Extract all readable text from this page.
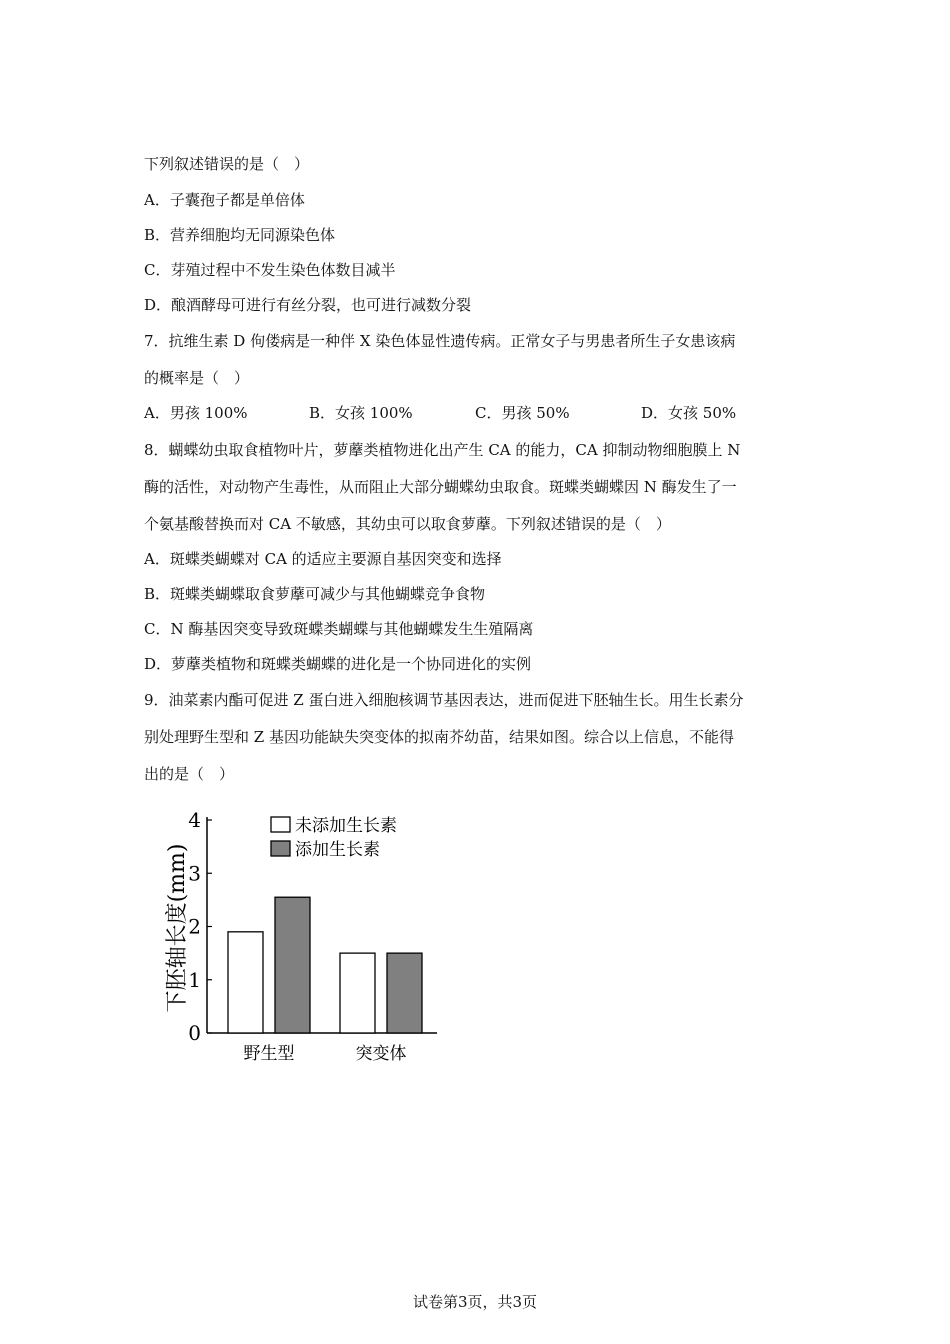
下列叙述错误的是（　）
A．子囊孢子都是单倍体
B．营养细胞均无同源染色体
C．芽殖过程中不发生染色体数目减半
D．酿酒酵母可进行有丝分裂，也可进行减数分裂
7．抗维生素 D 佝偻病是一种伴 X 染色体显性遗传病。正常女子与男患者所生子女患该病
的概率是（　）
A．男孩 100%	B．女孩 100%	C．男孩 50%	D．女孩 50%
8．蝴蝶幼虫取食植物叶片，萝藦类植物进化出产生 CA 的能力，CA 抑制动物细胞膜上 N
酶的活性，对动物产生毒性，从而阻止大部分蝴蝶幼虫取食。斑蝶类蝴蝶因 N 酶发生了一
个氨基酸替换而对 CA 不敏感，其幼虫可以取食萝藦。下列叙述错误的是（　）
A．斑蝶类蝴蝶对 CA 的适应主要源自基因突变和选择
B．斑蝶类蝴蝶取食萝藦可减少与其他蝴蝶竞争食物
C．N 酶基因突变导致斑蝶类蝴蝶与其他蝴蝶发生生殖隔离
D．萝藦类植物和斑蝶类蝴蝶的进化是一个协同进化的实例
9．油菜素内酯可促进 Z 蛋白进入细胞核调节基因表达，进而促进下胚轴生长。用生长素分
别处理野生型和 Z 基因功能缺失突变体的拟南芥幼苗，结果如图。综合以上信息，不能得
出的是（　）
下胚轴长度(mm)
0
1
2
3
4
野生型	突变体
未添加生长素
添加生长素
试卷第3页，共3页
